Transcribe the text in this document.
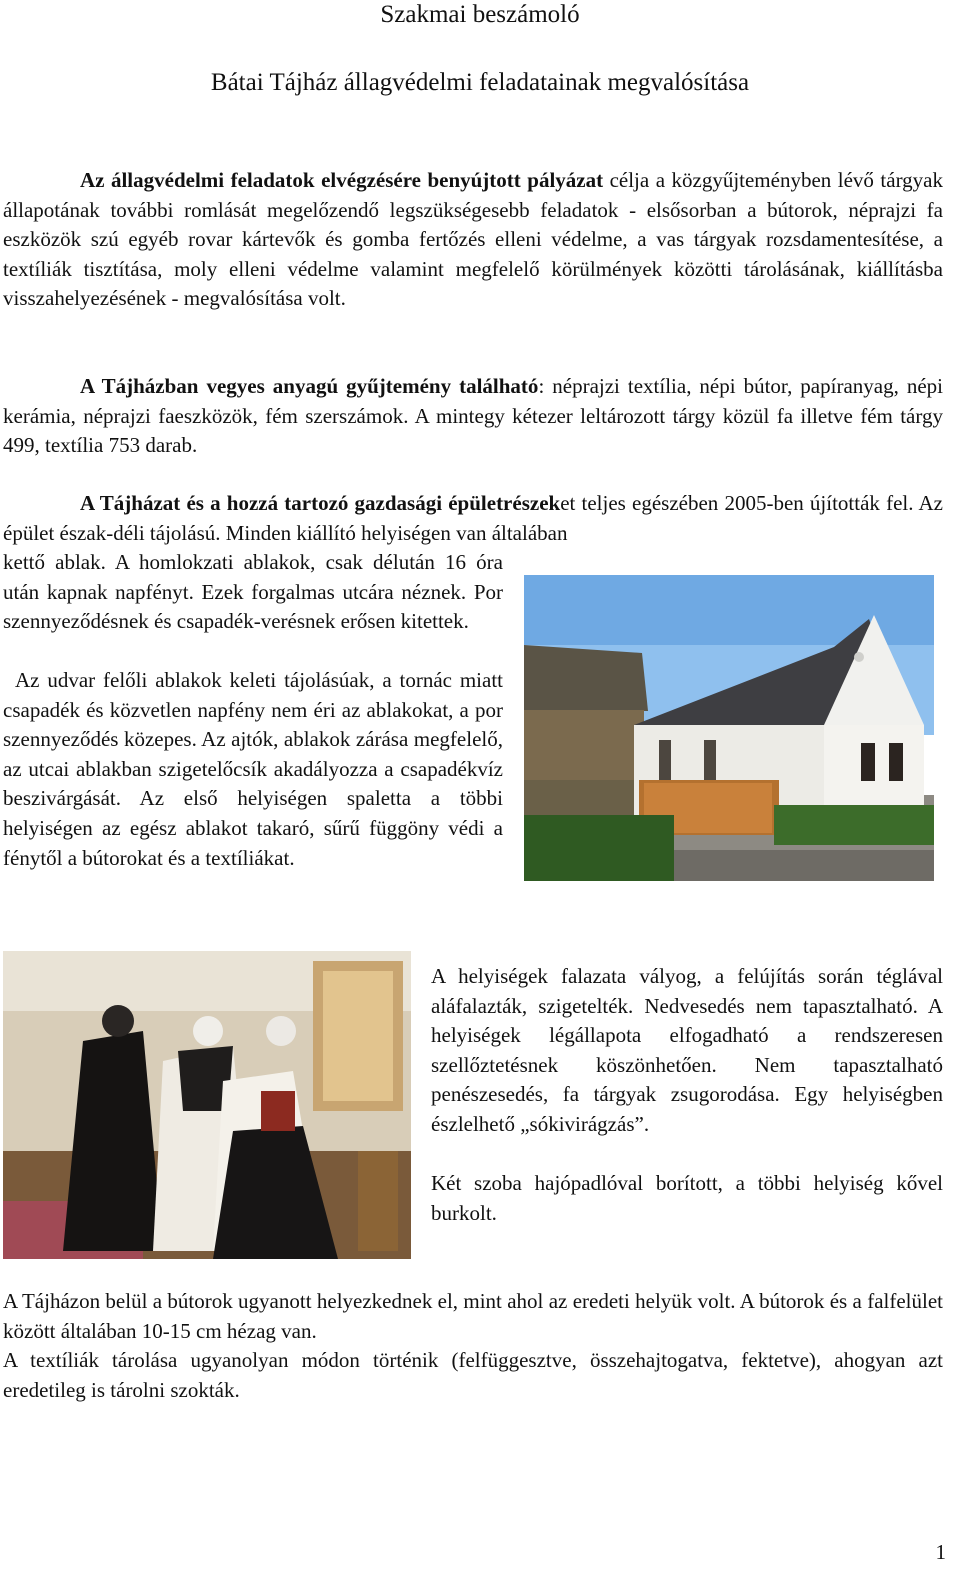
Szakmai beszámoló
Bátai Tájház állagvédelmi feladatainak megvalósítása

Az állagvédelmi feladatok elvégzésére benyújtott pályázat célja a közgyűjteményben lévő tárgyak állapotának további romlását megelőzendő legszükségesebb feladatok - elsősorban a bútorok, néprajzi fa eszközök szú egyéb rovar kártevők és gomba fertőzés elleni védelme, a vas tárgyak rozsdamentesítése, a textíliák tisztítása, moly elleni védelme valamint megfelelő körülmények közötti tárolásának, kiállításba visszahelyezésének - megvalósítása volt.

A Tájházban vegyes anyagú gyűjtemény található: néprajzi textília, népi bútor, papíranyag, népi kerámia, néprajzi faeszközök, fém szerszámok. A mintegy kétezer leltározott tárgy közül fa illetve fém tárgy 499, textília 753 darab.

A Tájházat és a hozzá tartozó gazdasági épületrészeket teljes egészében 2005-ben újították fel. Az épület észak-déli tájolású. Minden kiállító helyiségen van általában

kettő ablak. A homlokzati ablakok, csak délután 16 óra után kapnak napfényt. Ezek forgalmas utcára néznek. Por szennyeződésnek és csapadék-verésnek erősen kitettek.

Az udvar felőli ablakok keleti tájolásúak, a tornác miatt csapadék és közvetlen napfény nem éri az ablakokat, a por szennyeződés közepes. Az ajtók, ablakok zárása megfelelő, az utcai ablakban szigetelőcsík akadályozza a csapadékvíz beszivárgását. Az első helyiségen spaletta a többi helyiségen az egész ablakot takaró, sűrű függöny védi a fénytől a bútorokat és a textíliákat.

A helyiségek falazata vályog, a felújítás során téglával aláfalazták, szigetelték. Nedvesedés nem tapasztalható. A helyiségek légállapota elfogadható a rendszeresen szellőztetésnek köszönhetően. Nem tapasztalható penészesedés, fa tárgyak zsugorodása. Egy helyiségben észlelhető „sókivirágzás”.

Két szoba hajópadlóval borított, a többi helyiség kővel burkolt.

A Tájházon belül a bútorok ugyanott helyezkednek el, mint ahol az eredeti helyük volt. A bútorok és a falfelület között általában 10-15 cm hézag van.

A textíliák tárolása ugyanolyan módon történik (felfüggesztve, összehajtogatva, fektetve), ahogyan azt eredetileg is tárolni szokták.

1
